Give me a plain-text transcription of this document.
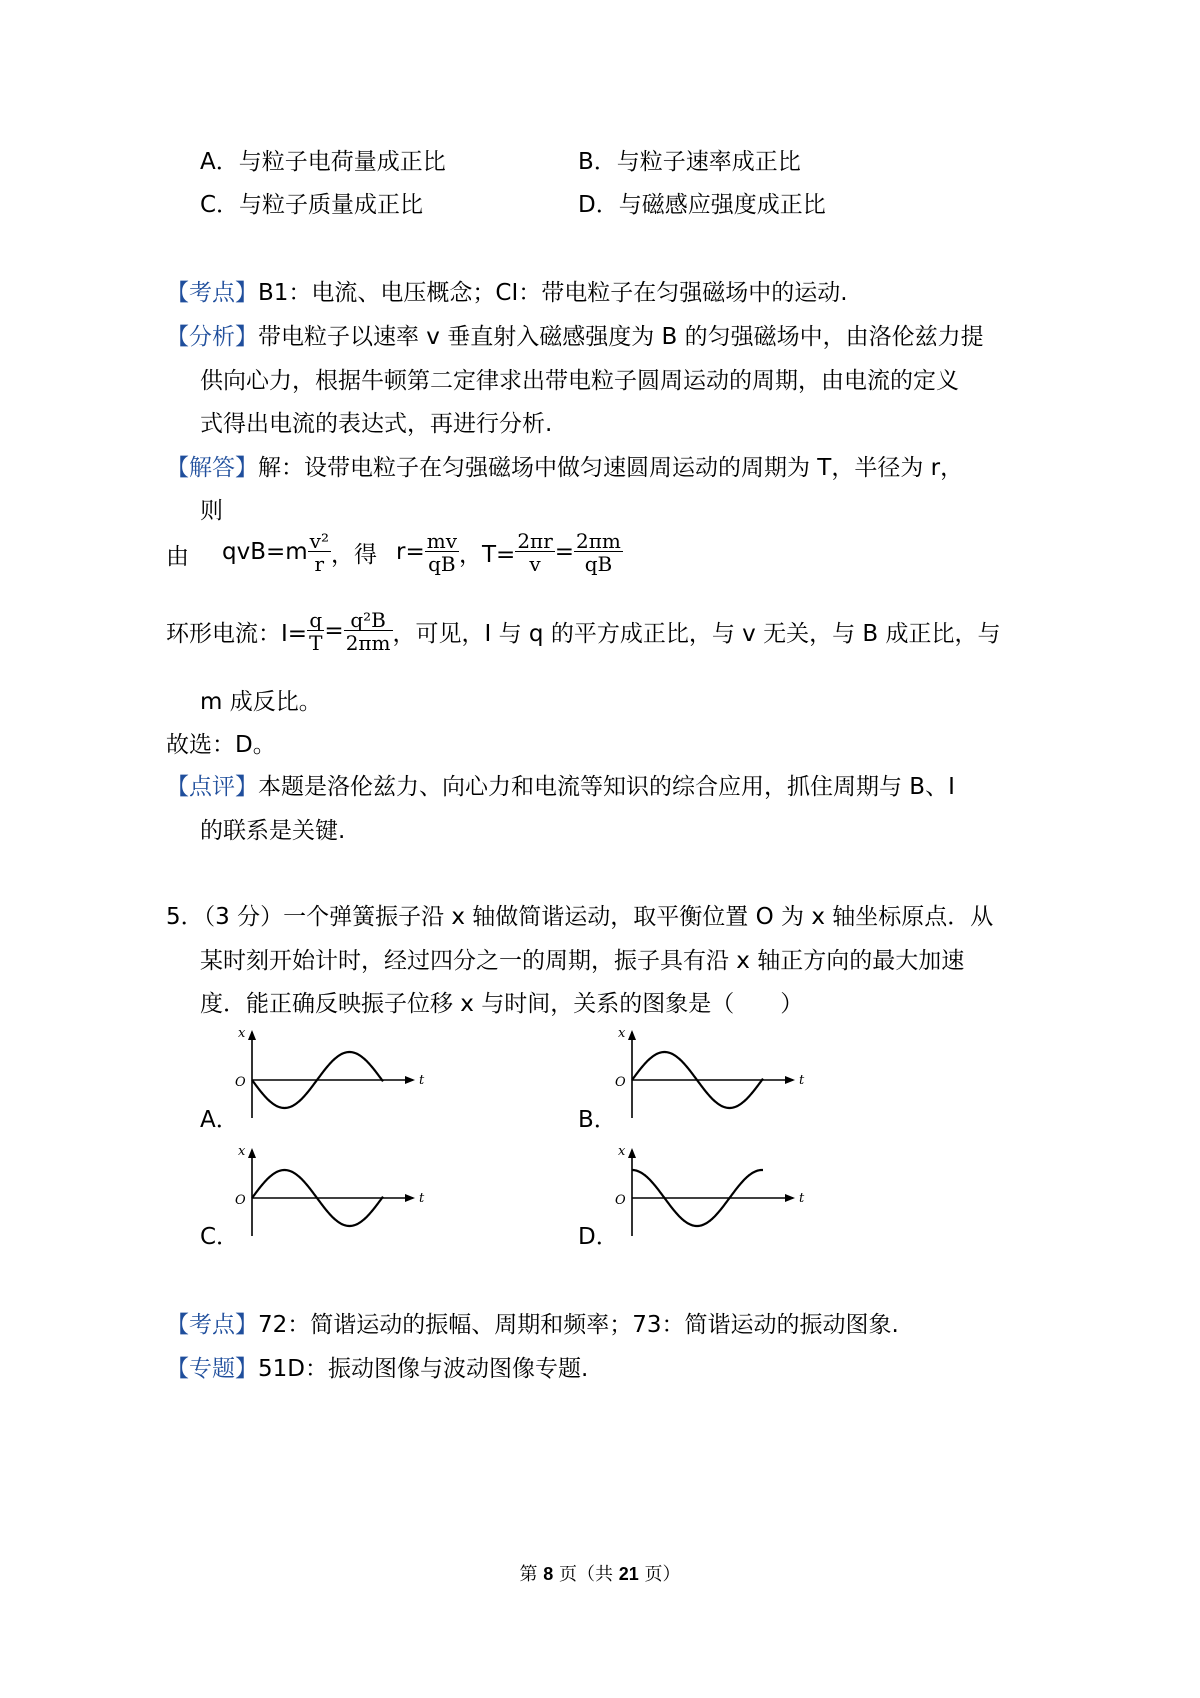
A．与粒子电荷量成正比	B．与粒子速率成正比
C．与粒子质量成正比	D．与磁感应强度成正比
【考点】B1：电流、电压概念；CI：带电粒子在匀强磁场中的运动.
【分析】带电粒子以速率 v 垂直射入磁感强度为 B 的匀强磁场中，由洛伦兹力提
供向心力，根据牛顿第二定律求出带电粒子圆周运动的周期，由电流的定义
式得出电流的表达式，再进行分析.
【解答】解：设带电粒子在匀强磁场中做匀速圆周运动的周期为 T，半径为 r，
则
由 $qvB=m \frac{\text{v²}}{r}$ ，得 $r= \frac{mv}{qB}$ ，$T= \frac{2\pi r}{v} = \frac{2\pi m}{qB}$
环形电流：$I= \frac{q}{T} = \frac{\text{q²B}}{2\pi m}$ ，可见，I 与 q 的平方成正比，与 v 无关，与 B 成正比，与
m 成反比。
故选：D。
【点评】本题是洛伦兹力、向心力和电流等知识的综合应用，抓住周期与 B、I
的联系是关键.
5．（3 分）一个弹簧振子沿 x 轴做简谐运动，取平衡位置 O 为 x 轴坐标原点．从
某时刻开始计时，经过四分之一的周期，振子具有沿 x 轴正方向的最大加速
度．能正确反映振子位移 x 与时间，关系的图象是（　　）
A．	B．
C．	D．
x
t
O
x
t
O
x
t
O
x
t
O
【考点】72：简谐运动的振幅、周期和频率；73：简谐运动的振动图象.
【专题】51D：振动图像与波动图像专题.
第 8 页（共 21 页）
